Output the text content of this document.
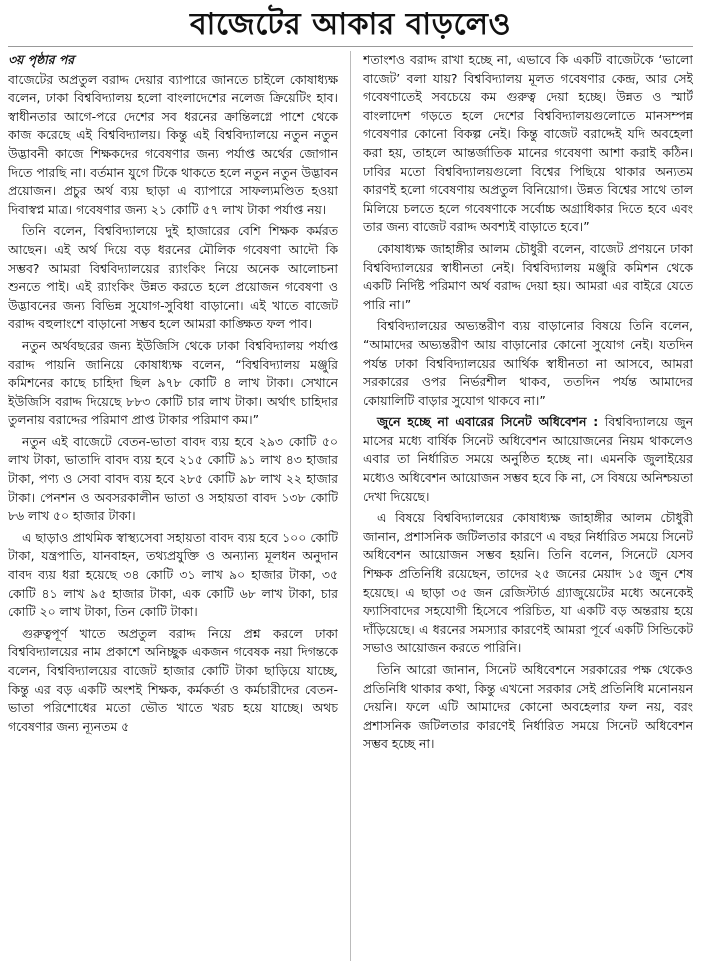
বাজেটের আকার বাড়লেও
৩য় পৃষ্ঠার পর

বাজেটের অপ্রতুল বরাদ্দ দেয়ার ব্যাপারে জানতে চাইলে কোষাধ্যক্ষ বলেন, ঢাকা বিশ্ববিদ্যালয় হলো বাংলাদেশের নলেজ ক্রিয়েটিং হাব। স্বাধীনতার আগে-পরে দেশের সব ধরনের ক্রান্তিলগ্নে পাশে থেকে কাজ করেছে এই বিশ্ববিদ্যালয়। কিন্তু এই বিশ্ববিদ্যালয়ে নতুন নতুন উদ্ভাবনী কাজে শিক্ষকদের গবেষণার জন্য পর্যাপ্ত অর্থের জোগান দিতে পারছি না। বর্তমান যুগে টিকে থাকতে হলে নতুন নতুন উদ্ভাবন প্রয়োজন। প্রচুর অর্থ ব্যয় ছাড়া এ ব্যাপারে সাফল্যমণ্ডিত হওয়া দিবাস্বপ্ন মাত্র। গবেষণার জন্য ২১ কোটি ৫৭ লাখ টাকা পর্যাপ্ত নয়।

তিনি বলেন, বিশ্ববিদ্যালয়ে দুই হাজারের বেশি শিক্ষক কর্মরত আছেন। এই অর্থ দিয়ে বড় ধরনের মৌলিক গবেষণা আদৌ কি সম্ভব? আমরা বিশ্ববিদ্যালয়ের র‍্যাংকিং নিয়ে অনেক আলোচনা শুনতে পাই। এই র‍্যাংকিং উন্নত করতে হলে প্রয়োজন গবেষণা ও উদ্ভাবনের জন্য বিভিন্ন সুযোগ-সুবিধা বাড়ানো। এই খাতে বাজেট বরাদ্দ বহুলাংশে বাড়ানো সম্ভব হলে আমরা কাঙ্ক্ষিত ফল পাব।

নতুন অর্থবছরের জন্য ইউজিসি থেকে ঢাকা বিশ্ববিদ্যালয় পর্যাপ্ত বরাদ্দ পায়নি জানিয়ে কোষাধ্যক্ষ বলেন, “বিশ্ববিদ্যালয় মঞ্জুরি কমিশনের কাছে চাহিদা ছিল ৯৭৮ কোটি ৪ লাখ টাকা। সেখানে ইউজিসি বরাদ্দ দিয়েছে ৮৮৩ কোটি চার লাখ টাকা। অর্থাৎ চাহিদার তুলনায় বরাদ্দের পরিমাণ প্রাপ্ত টাকার পরিমাণ কম।”

নতুন এই বাজেটে বেতন-ভাতা বাবদ ব্যয় হবে ২৯৩ কোটি ৫০ লাখ টাকা, ভাতাদি বাবদ ব্যয় হবে ২১৫ কোটি ৯১ লাখ ৪৩ হাজার টাকা, পণ্য ও সেবা বাবদ ব্যয় হবে ২৮৫ কোটি ৯৮ লাখ ২২ হাজার টাকা। পেনশন ও অবসরকালীন ভাতা ও সহায়তা বাবদ ১৩৮ কোটি ৮৬ লাখ ৫০ হাজার টাকা।

এ ছাড়াও প্রাথমিক স্বাস্থ্যসেবা সহায়তা বাবদ ব্যয় হবে ১০০ কোটি টাকা, যন্ত্রপাতি, যানবাহন, তথ্যপ্রযুক্তি ও অন্যান্য মূলধন অনুদান বাবদ ব্যয় ধরা হয়েছে ৩৪ কোটি ৩১ লাখ ৯০ হাজার টাকা, ৩৫ কোটি ৪১ লাখ ৯৫ হাজার টাকা, এক কোটি ৬৮ লাখ টাকা, চার কোটি ২০ লাখ টাকা, তিন কোটি টাকা।

গুরুত্বপূর্ণ খাতে অপ্রতুল বরাদ্দ নিয়ে প্রশ্ন করলে ঢাকা বিশ্ববিদ্যালয়ের নাম প্রকাশে অনিচ্ছুক একজন গবেষক নয়া দিগন্তকে বলেন, বিশ্ববিদ্যালয়ের বাজেট হাজার কোটি টাকা ছাড়িয়ে যাচ্ছে, কিন্তু এর বড় একটি অংশই শিক্ষক, কর্মকর্তা ও কর্মচারীদের বেতন-ভাতা পরিশোধের মতো ভৌত খাতে খরচ হয়ে যাচ্ছে। অথচ গবেষণার জন্য ন্যূনতম ৫

শতাংশও বরাদ্দ রাখা হচ্ছে না, এভাবে কি একটি বাজেটকে ‘ভালো বাজেট’ বলা যায়? বিশ্ববিদ্যালয় মূলত গবেষণার কেন্দ্র, আর সেই গবেষণাতেই সবচেয়ে কম গুরুত্ব দেয়া হচ্ছে। উন্নত ও স্মার্ট বাংলাদেশ গড়তে হলে দেশের বিশ্ববিদ্যালয়গুলোতে মানসম্পন্ন গবেষণার কোনো বিকল্প নেই। কিন্তু বাজেট বরাদ্দেই যদি অবহেলা করা হয়, তাহলে আন্তর্জাতিক মানের গবেষণা আশা করাই কঠিন। ঢাবির মতো বিশ্ববিদ্যালয়গুলো বিশ্বের পিছিয়ে থাকার অন্যতম কারণই হলো গবেষণায় অপ্রতুল বিনিয়োগ। উন্নত বিশ্বের সাথে তাল মিলিয়ে চলতে হলে গবেষণাকে সর্বোচ্চ অগ্রাধিকার দিতে হবে এবং তার জন্য বাজেট বরাদ্দ অবশ্যই বাড়াতে হবে।”

কোষাধ্যক্ষ জাহাঙ্গীর আলম চৌধুরী বলেন, বাজেট প্রণয়নে ঢাকা বিশ্ববিদ্যালয়ের স্বাধীনতা নেই। বিশ্ববিদ্যালয় মঞ্জুরি কমিশন থেকে একটি নির্দিষ্ট পরিমাণ অর্থ বরাদ্দ দেয়া হয়। আমরা এর বাইরে যেতে পারি না।”

বিশ্ববিদ্যালয়ের অভ্যন্তরীণ ব্যয় বাড়ানোর বিষয়ে তিনি বলেন, “আমাদের অভ্যন্তরীণ আয় বাড়ানোর কোনো সুযোগ নেই। যতদিন পর্যন্ত ঢাকা বিশ্ববিদ্যালয়ের আর্থিক স্বাধীনতা না আসবে, আমরা সরকারের ওপর নির্ভরশীল থাকব, ততদিন পর্যন্ত আমাদের কোয়ালিটি বাড়ার সুযোগ থাকবে না।”

জুনে হচ্ছে না এবারের সিনেট অধিবেশন : বিশ্ববিদ্যালয়ে জুন মাসের মধ্যে বার্ষিক সিনেট অধিবেশন আয়োজনের নিয়ম থাকলেও এবার তা নির্ধারিত সময়ে অনুষ্ঠিত হচ্ছে না। এমনকি জুলাইয়ের মধ্যেও অধিবেশন আয়োজন সম্ভব হবে কি না, সে বিষয়ে অনিশ্চয়তা দেখা দিয়েছে।

এ বিষয়ে বিশ্ববিদ্যালয়ের কোষাধ্যক্ষ জাহাঙ্গীর আলম চৌধুরী জানান, প্রশাসনিক জটিলতার কারণে এ বছর নির্ধারিত সময়ে সিনেট অধিবেশন আয়োজন সম্ভব হয়নি। তিনি বলেন, সিনেটে যেসব শিক্ষক প্রতিনিধি রয়েছেন, তাদের ২৫ জনের মেয়াদ ১৫ জুন শেষ হয়েছে। এ ছাড়া ৩৫ জন রেজিস্টার্ড গ্র্যাজুয়েটের মধ্যে অনেকেই ফ্যাসিবাদের সহযোগী হিসেবে পরিচিত, যা একটি বড় অন্তরায় হয়ে দাঁড়িয়েছে। এ ধরনের সমস্যার কারণেই আমরা পূর্বে একটি সিন্ডিকেট সভাও আয়োজন করতে পারিনি।

তিনি আরো জানান, সিনেট অধিবেশনে সরকারের পক্ষ থেকেও প্রতিনিধি থাকার কথা, কিন্তু এখনো সরকার সেই প্রতিনিধি মনোনয়ন দেয়নি। ফলে এটি আমাদের কোনো অবহেলার ফল নয়, বরং প্রশাসনিক জটিলতার কারণেই নির্ধারিত সময়ে সিনেট অধিবেশন সম্ভব হচ্ছে না।
